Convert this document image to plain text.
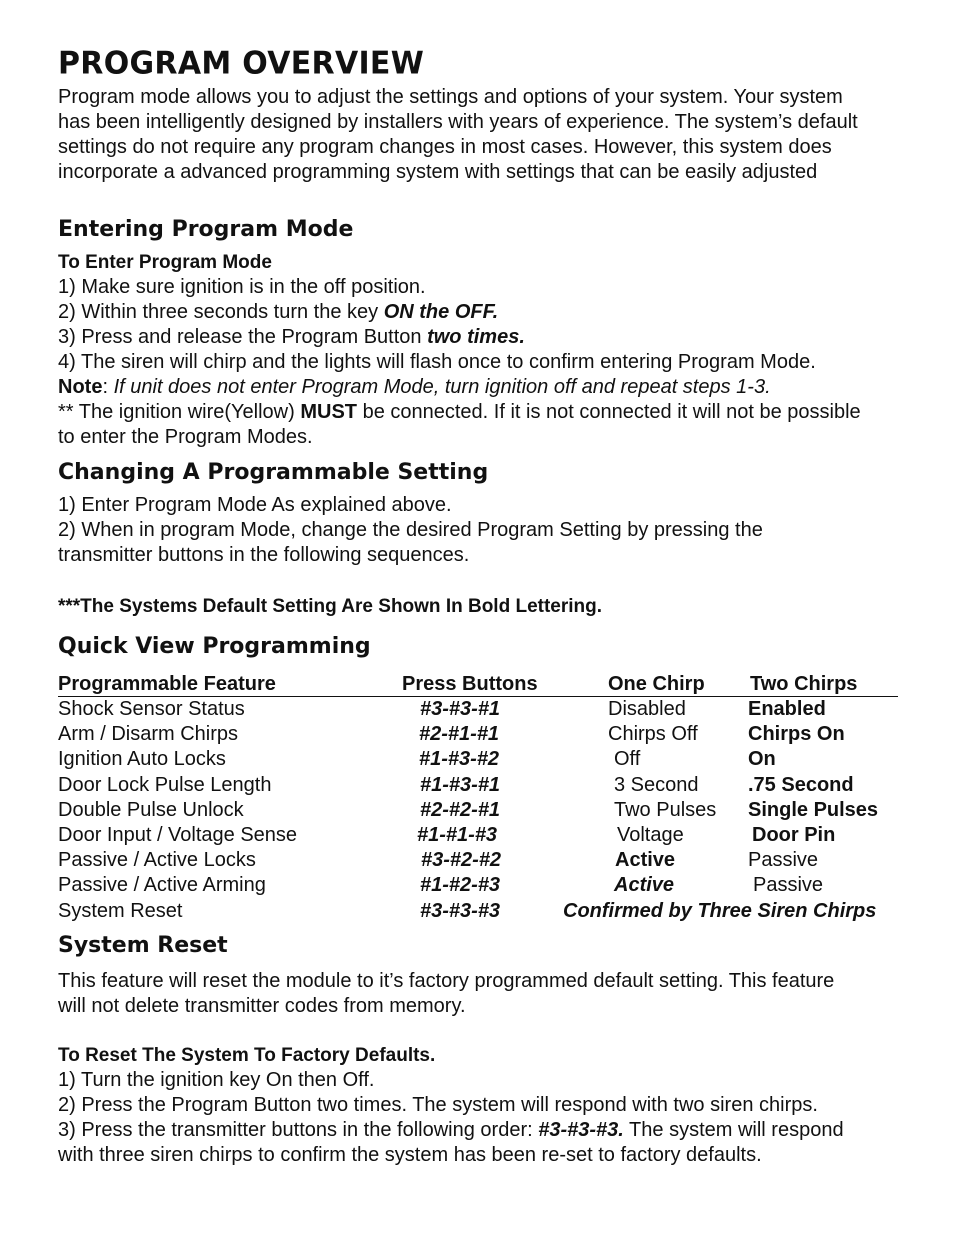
PROGRAM OVERVIEW

Program mode allows you to adjust the settings and options of your system. Your system
has been intelligently designed by installers with years of experience. The system’s default
settings do not require any program changes in most cases. However, this system does
incorporate a advanced programming system with settings that can be easily adjusted

Entering Program Mode

To Enter Program Mode
1) Make sure ignition is in the off position.
2) Within three seconds turn the key ON the OFF.
3) Press and release the Program Button two times.
4) The siren will chirp and the lights will flash once to confirm entering Program Mode.
Note: If unit does not enter Program Mode, turn ignition off and repeat steps 1-3.
** The ignition wire(Yellow) MUST be connected. If it is not connected it will not be possible
to enter the Program Modes.

Changing A Programmable Setting

1) Enter Program Mode As explained above.
2) When in program Mode, change the desired Program Setting by pressing the
transmitter buttons in the following sequences.

***The Systems Default Setting Are Shown In Bold Lettering.

Quick View Programming
Programmable Feature	Press Buttons	One Chirp	Two Chirps
Shock Sensor Status	#3-#3-#1	Disabled	Enabled
Arm / Disarm Chirps	#2-#1-#1	Chirps Off	Chirps On
Ignition Auto Locks	#1-#3-#2	Off	On
Door Lock Pulse Length	#1-#3-#1	3 Second	.75 Second
Double Pulse Unlock	#2-#2-#1	Two Pulses	Single Pulses
Door Input / Voltage Sense	#1-#1-#3	Voltage	Door Pin
Passive / Active Locks	#3-#2-#2	Active	Passive
Passive / Active Arming	#1-#2-#3	Active	Passive
System Reset	#3-#3-#3	Confirmed by Three Siren Chirps
System Reset

This feature will reset the module to it’s factory programmed default setting. This feature
will not delete transmitter codes from memory.

To Reset The System To Factory Defaults.
1) Turn the ignition key On then Off.
2) Press the Program Button two times. The system will respond with two siren chirps.
3) Press the transmitter buttons in the following order: #3-#3-#3. The system will respond
with three siren chirps to confirm the system has been re-set to factory defaults.
